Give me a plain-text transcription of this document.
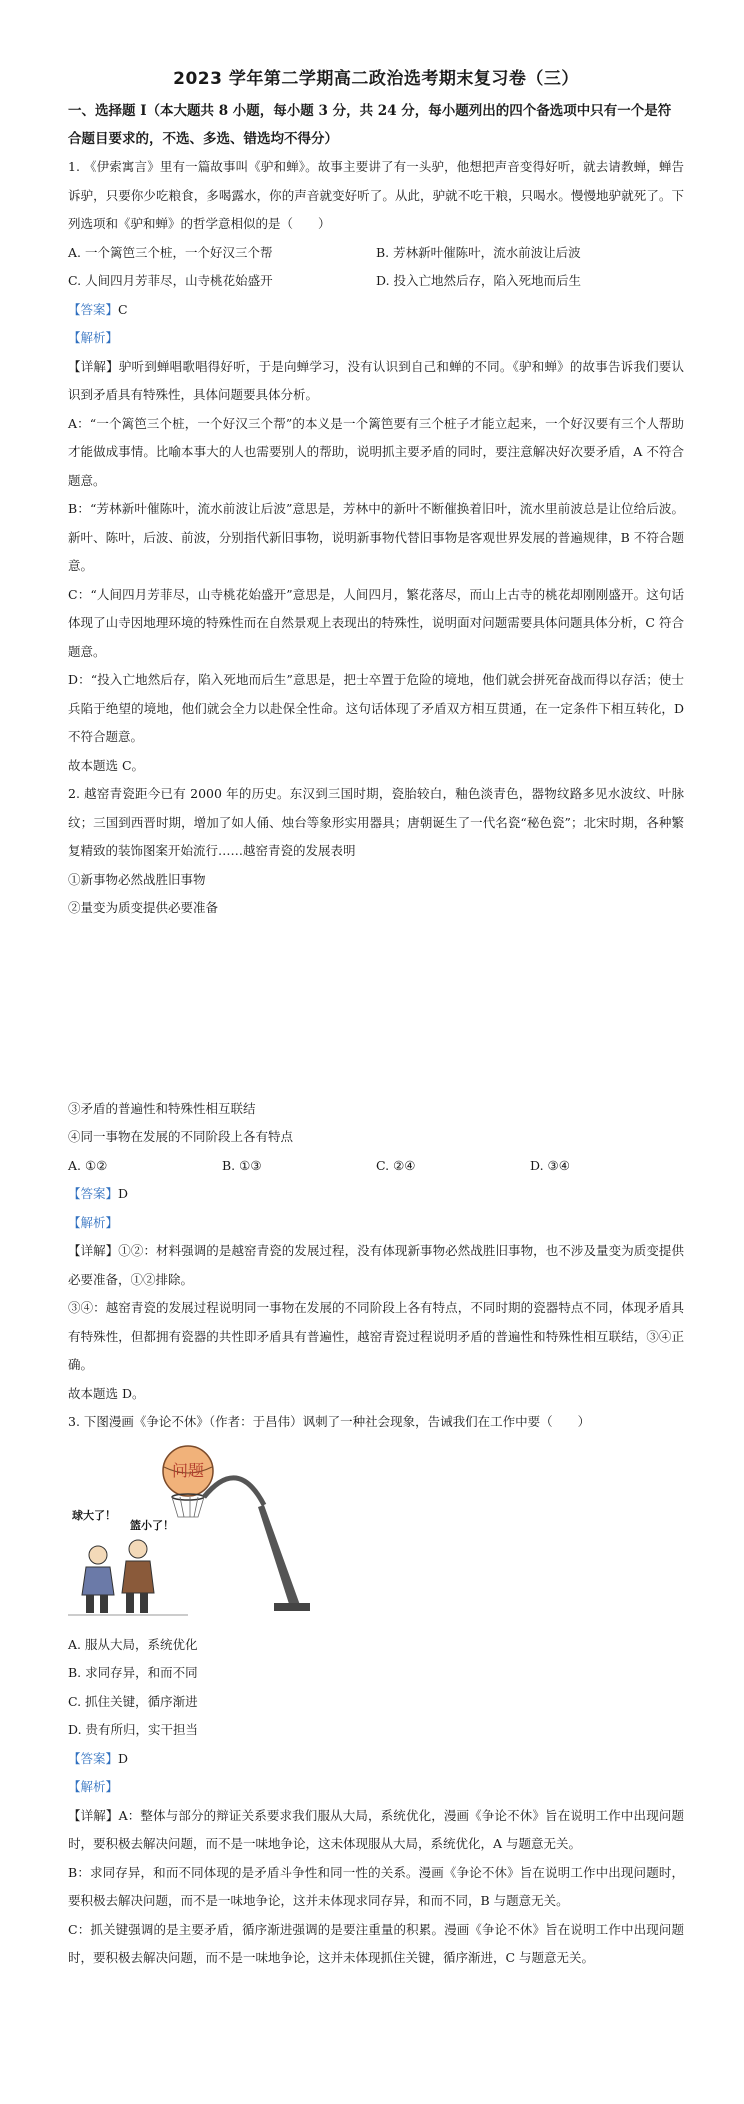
2023 学年第二学期高二政治选考期末复习卷（三）
一、选择题 I（本大题共 8 小题，每小题 3 分，共 24 分，每小题列出的四个备选项中只有一个是符合题目要求的，不选、多选、错选均不得分）

1. 《伊索寓言》里有一篇故事叫《驴和蝉》。故事主要讲了有一头驴，他想把声音变得好听，就去请教蝉，蝉告诉驴，只要你少吃粮食，多喝露水，你的声音就变好听了。从此，驴就不吃干粮，只喝水。慢慢地驴就死了。下列选项和《驴和蝉》的哲学意相似的是（　　）

A. 一个篱笆三个桩，一个好汉三个帮	B. 芳林新叶催陈叶，流水前波让后波
C. 人间四月芳菲尽，山寺桃花始盛开	D. 投入亡地然后存，陷入死地而后生

【答案】C

【解析】

【详解】驴听到蝉唱歌唱得好听，于是向蝉学习，没有认识到自己和蝉的不同。《驴和蝉》的故事告诉我们要认识到矛盾具有特殊性，具体问题要具体分析。

A：“一个篱笆三个桩，一个好汉三个帮”的本义是一个篱笆要有三个桩子才能立起来，一个好汉要有三个人帮助才能做成事情。比喻本事大的人也需要别人的帮助，说明抓主要矛盾的同时，要注意解决好次要矛盾，A 不符合题意。

B：“芳林新叶催陈叶，流水前波让后波”意思是，芳林中的新叶不断催换着旧叶，流水里前波总是让位给后波。新叶、陈叶，后波、前波，分别指代新旧事物，说明新事物代替旧事物是客观世界发展的普遍规律，B 不符合题意。

C：“人间四月芳菲尽，山寺桃花始盛开”意思是，人间四月，繁花落尽，而山上古寺的桃花却刚刚盛开。这句话体现了山寺因地理环境的特殊性而在自然景观上表现出的特殊性，说明面对问题需要具体问题具体分析，C 符合题意。

D：“投入亡地然后存，陷入死地而后生”意思是，把士卒置于危险的境地，他们就会拼死奋战而得以存活；使士兵陷于绝望的境地，他们就会全力以赴保全性命。这句话体现了矛盾双方相互贯通，在一定条件下相互转化，D 不符合题意。

故本题选 C。

2. 越窑青瓷距今已有 2000 年的历史。东汉到三国时期，瓷胎较白，釉色淡青色，器物纹路多见水波纹、叶脉纹；三国到西晋时期，增加了如人俑、烛台等象形实用器具；唐朝诞生了一代名瓷“秘色瓷”；北宋时期，各种繁复精致的装饰图案开始流行……越窑青瓷的发展表明

①新事物必然战胜旧事物

②量变为质变提供必要准备

③矛盾的普遍性和特殊性相互联结

④同一事物在发展的不同阶段上各有特点

A. ①②	B. ①③	C. ②④	D. ③④

【答案】D

【解析】

【详解】①②：材料强调的是越窑青瓷的发展过程，没有体现新事物必然战胜旧事物，也不涉及量变为质变提供必要准备，①②排除。

③④：越窑青瓷的发展过程说明同一事物在发展的不同阶段上各有特点，不同时期的瓷器特点不同，体现矛盾具有特殊性，但都拥有瓷器的共性即矛盾具有普遍性，越窑青瓷过程说明矛盾的普遍性和特殊性相互联结，③④正确。

故本题选 D。

3. 下图漫画《争论不休》（作者：于昌伟）讽刺了一种社会现象，告诫我们在工作中要（　　）

问题
球大了！
篮小了！

A. 服从大局，系统优化

B. 求同存异，和而不同

C. 抓住关键，循序渐进

D. 贵有所归，实干担当

【答案】D

【解析】

【详解】A：整体与部分的辩证关系要求我们服从大局，系统优化，漫画《争论不休》旨在说明工作中出现问题时，要积极去解决问题，而不是一味地争论，这未体现服从大局，系统优化，A 与题意无关。

B：求同存异，和而不同体现的是矛盾斗争性和同一性的关系。漫画《争论不休》旨在说明工作中出现问题时，要积极去解决问题，而不是一味地争论，这并未体现求同存异，和而不同，B 与题意无关。

C：抓关键强调的是主要矛盾，循序渐进强调的是要注重量的积累。漫画《争论不休》旨在说明工作中出现问题时，要积极去解决问题，而不是一味地争论，这并未体现抓住关键，循序渐进，C 与题意无关。
